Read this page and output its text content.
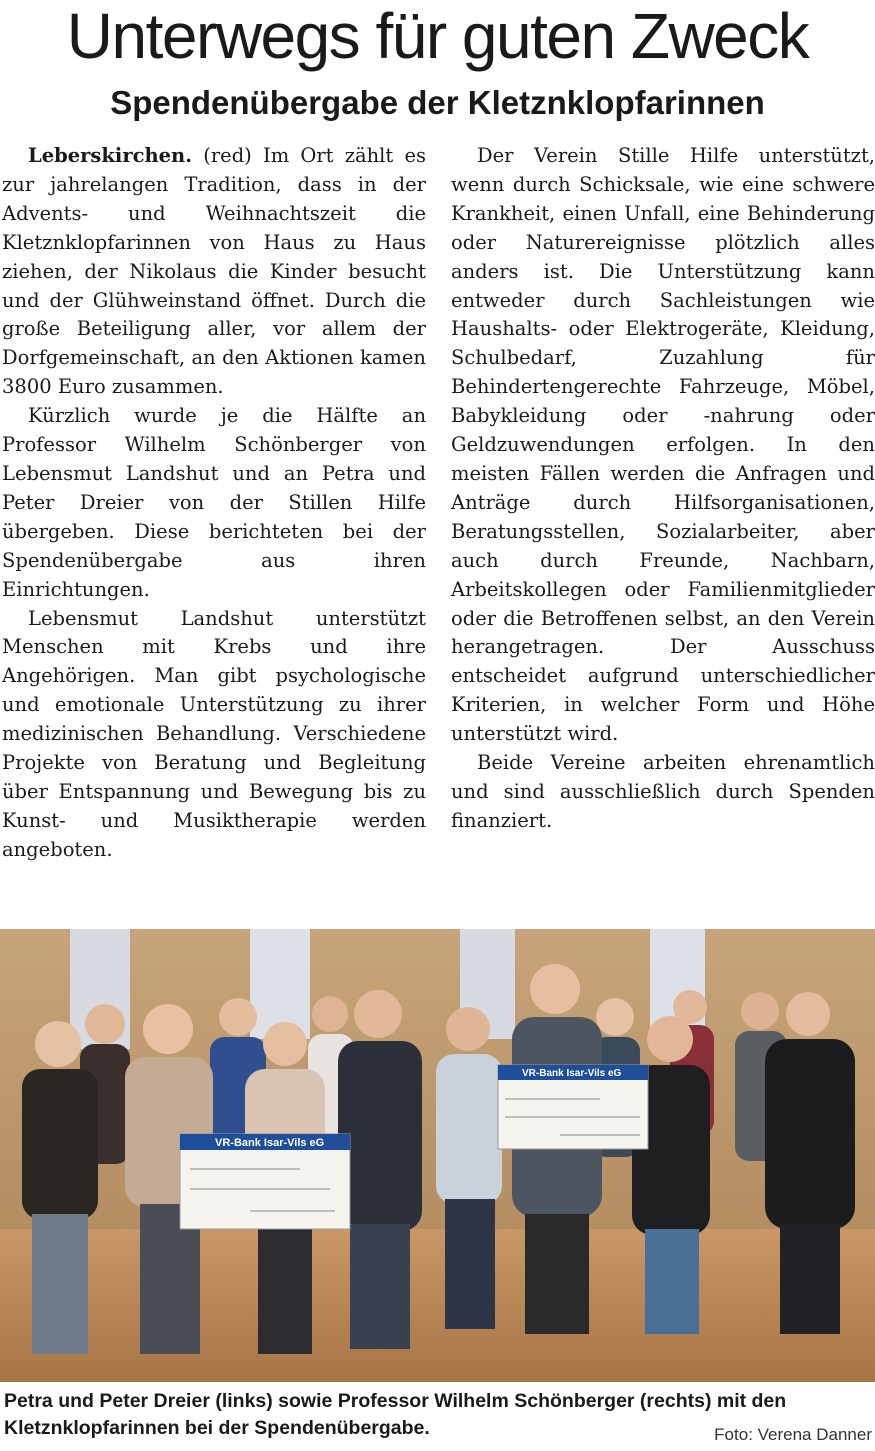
Unterwegs für guten Zweck
Spendenübergabe der Kletznklopfarinnen

Leberskirchen. (red) Im Ort zählt es zur jahrelangen Tradition, dass in der Advents- und Weihnachtszeit die Kletznklopfarinnen von Haus zu Haus ziehen, der Nikolaus die Kinder besucht und der Glühweinstand öffnet. Durch die große Beteiligung aller, vor allem der Dorfgemeinschaft, an den Aktionen kamen 3800 Euro zusammen.

Kürzlich wurde je die Hälfte an Professor Wilhelm Schönberger von Lebensmut Landshut und an Petra und Peter Dreier von der Stillen Hilfe übergeben. Diese berichteten bei der Spendenübergabe aus ihren Einrichtungen.

Lebensmut Landshut unterstützt Menschen mit Krebs und ihre Angehörigen. Man gibt psychologische und emotionale Unterstützung zu ihrer medizinischen Behandlung. Verschiedene Projekte von Beratung und Begleitung über Entspannung und Bewegung bis zu Kunst- und Musiktherapie werden angeboten.

Der Verein Stille Hilfe unterstützt, wenn durch Schicksale, wie eine schwere Krankheit, einen Unfall, eine Behinderung oder Naturereignisse plötzlich alles anders ist. Die Unterstützung kann entweder durch Sachleistungen wie Haushalts- oder Elektrogeräte, Kleidung, Schulbedarf, Zuzahlung für Behindertengerechte Fahrzeuge, Möbel, Babykleidung oder -nahrung oder Geldzuwendungen erfolgen. In den meisten Fällen werden die Anfragen und Anträge durch Hilfsorganisationen, Beratungsstellen, Sozialarbeiter, aber auch durch Freunde, Nachbarn, Arbeitskollegen oder Familienmitglieder oder die Betroffenen selbst, an den Verein herangetragen. Der Ausschuss entscheidet aufgrund unterschiedlicher Kriterien, in welcher Form und Höhe unterstützt wird.

Beide Vereine arbeiten ehrenamtlich und sind ausschließlich durch Spenden finanziert.

VR-Bank Isar-Vils eG
VR-Bank Isar-Vils eG
Petra und Peter Dreier (links) sowie Professor Wilhelm Schönberger (rechts) mit den Kletznklopfarinnen bei der Spendenübergabe.	Foto: Verena Danner
